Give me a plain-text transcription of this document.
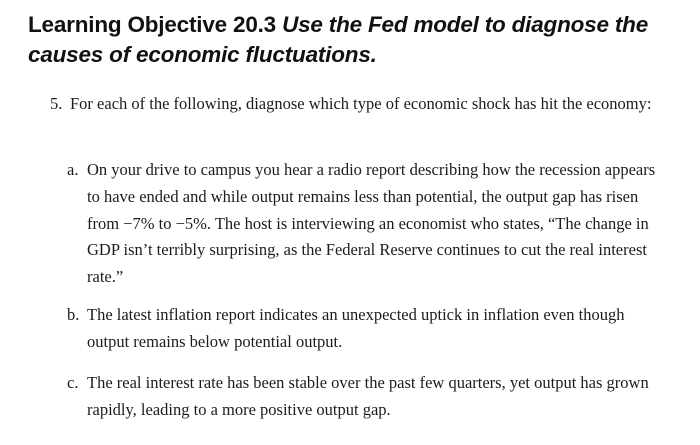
Learning Objective 20.3 Use the Fed model to diagnose the causes of economic fluctuations.
5. For each of the following, diagnose which type of economic shock has hit the economy:
a. On your drive to campus you hear a radio report describing how the recession appears to have ended and while output remains less than potential, the output gap has risen from −7% to −5%. The host is interviewing an economist who states, “The change in GDP isn’t terribly surprising, as the Federal Reserve continues to cut the real interest rate.”
b. The latest inflation report indicates an unexpected uptick in inflation even though output remains below potential output.
c. The real interest rate has been stable over the past few quarters, yet output has grown rapidly, leading to a more positive output gap.
